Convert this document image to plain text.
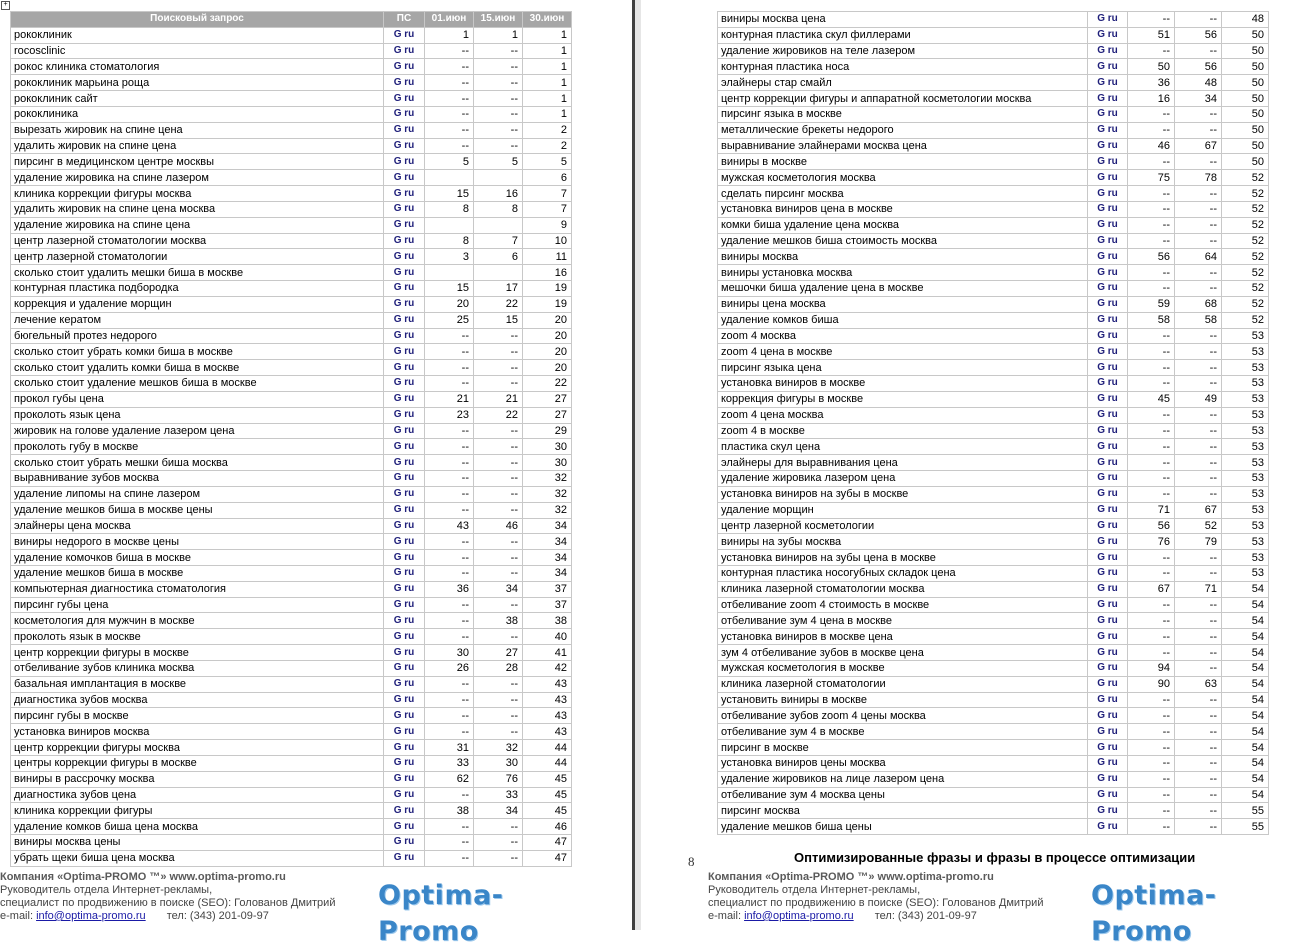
+
Поисковый запрос	ПС	01.июн	15.июн	30.июн
рококлиник	G ru	1	1	1
rocosclinic	G ru	--	--	1
рокос клиника стоматология	G ru	--	--	1
рококлиник марьина роща	G ru	--	--	1
рококлиник сайт	G ru	--	--	1
рококлиника	G ru	--	--	1
вырезать жировик на спине цена	G ru	--	--	2
удалить жировик на спине цена	G ru	--	--	2
пирсинг в медицинском центре москвы	G ru	5	5	5
удаление жировика на спине лазером	G ru			6
клиника коррекции фигуры москва	G ru	15	16	7
удалить жировик на спине цена москва	G ru	8	8	7
удаление жировика на спине цена	G ru			9
центр лазерной стоматологии москва	G ru	8	7	10
центр лазерной стоматологии	G ru	3	6	11
сколько стоит удалить мешки биша в москве	G ru			16
контурная пластика подбородка	G ru	15	17	19
коррекция и удаление морщин	G ru	20	22	19
лечение кератом	G ru	25	15	20
бюгельный протез недорого	G ru	--	--	20
сколько стоит убрать комки биша в москве	G ru	--	--	20
сколько стоит удалить комки биша в москве	G ru	--	--	20
сколько стоит удаление мешков биша в москве	G ru	--	--	22
прокол губы цена	G ru	21	21	27
проколоть язык цена	G ru	23	22	27
жировик на голове удаление лазером цена	G ru	--	--	29
проколоть губу в москве	G ru	--	--	30
сколько стоит убрать мешки биша москва	G ru	--	--	30
выравнивание зубов москва	G ru	--	--	32
удаление липомы на спине лазером	G ru	--	--	32
удаление мешков биша в москве цены	G ru	--	--	32
элайнеры цена москва	G ru	43	46	34
виниры недорого в москве цены	G ru	--	--	34
удаление комочков биша в москве	G ru	--	--	34
удаление мешков биша в москве	G ru	--	--	34
компьютерная диагностика стоматология	G ru	36	34	37
пирсинг губы цена	G ru	--	--	37
косметология для мужчин в москве	G ru	--	38	38
проколоть язык в москве	G ru	--	--	40
центр коррекции фигуры в москве	G ru	30	27	41
отбеливание зубов клиника москва	G ru	26	28	42
базальная имплантация в москве	G ru	--	--	43
диагностика зубов москва	G ru	--	--	43
пирсинг губы в москве	G ru	--	--	43
установка виниров москва	G ru	--	--	43
центр коррекции фигуры москва	G ru	31	32	44
центры коррекции фигуры в москве	G ru	33	30	44
виниры в рассрочку москва	G ru	62	76	45
диагностика зубов цена	G ru	--	33	45
клиника коррекции фигуры	G ru	38	34	45
удаление комков биша цена москва	G ru	--	--	46
виниры москва цены	G ru	--	--	47
убрать щеки биша цена москва	G ru	--	--	47
Компания «Optima-PROMO ™» www.optima-promo.ru
Руководитель отдела Интернет-рекламы,
специалист по продвижению в поиске (SEO): Голованов Дмитрий
e-mail: info@optima-promo.ru тел: (343) 201-09-97
Optima-Promo
виниры москва цена	G ru	--	--	48
контурная пластика скул филлерами	G ru	51	56	50
удаление жировиков на теле лазером	G ru	--	--	50
контурная пластика носа	G ru	50	56	50
элайнеры стар смайл	G ru	36	48	50
центр коррекции фигуры и аппаратной косметологии москва	G ru	16	34	50
пирсинг языка в москве	G ru	--	--	50
металлические брекеты недорого	G ru	--	--	50
выравнивание элайнерами москва цена	G ru	46	67	50
виниры в москве	G ru	--	--	50
мужская косметология москва	G ru	75	78	52
сделать пирсинг москва	G ru	--	--	52
установка виниров цена в москве	G ru	--	--	52
комки биша удаление цена москва	G ru	--	--	52
удаление мешков биша стоимость москва	G ru	--	--	52
виниры москва	G ru	56	64	52
виниры установка москва	G ru	--	--	52
мешочки биша удаление цена в москве	G ru	--	--	52
виниры цена москва	G ru	59	68	52
удаление комков биша	G ru	58	58	52
zoom 4 москва	G ru	--	--	53
zoom 4 цена в москве	G ru	--	--	53
пирсинг языка цена	G ru	--	--	53
установка виниров в москве	G ru	--	--	53
коррекция фигуры в москве	G ru	45	49	53
zoom 4 цена москва	G ru	--	--	53
zoom 4 в москве	G ru	--	--	53
пластика скул цена	G ru	--	--	53
элайнеры для выравнивания цена	G ru	--	--	53
удаление жировика лазером цена	G ru	--	--	53
установка виниров на зубы в москве	G ru	--	--	53
удаление морщин	G ru	71	67	53
центр лазерной косметологии	G ru	56	52	53
виниры на зубы москва	G ru	76	79	53
установка виниров на зубы цена в москве	G ru	--	--	53
контурная пластика носогубных складок цена	G ru	--	--	53
клиника лазерной стоматологии москва	G ru	67	71	54
отбеливание zoom 4 стоимость в москве	G ru	--	--	54
отбеливание зум 4 цена в москве	G ru	--	--	54
установка виниров в москве цена	G ru	--	--	54
зум 4 отбеливание зубов в москве цена	G ru	--	--	54
мужская косметология в москве	G ru	94	--	54
клиника лазерной стоматологии	G ru	90	63	54
установить виниры в москве	G ru	--	--	54
отбеливание зубов zoom 4 цены москва	G ru	--	--	54
отбеливание зум 4 в москве	G ru	--	--	54
пирсинг в москве	G ru	--	--	54
установка виниров цены москва	G ru	--	--	54
удаление жировиков на лице лазером цена	G ru	--	--	54
отбеливание зум 4 москва цены	G ru	--	--	54
пирсинг москва	G ru	--	--	55
удаление мешков биша цены	G ru	--	--	55
8	Оптимизированные фразы и фразы в процессе оптимизации
Компания «Optima-PROMO ™» www.optima-promo.ru
Руководитель отдела Интернет-рекламы,
специалист по продвижению в поиске (SEO): Голованов Дмитрий
e-mail: info@optima-promo.ru тел: (343) 201-09-97
Optima-Promo
